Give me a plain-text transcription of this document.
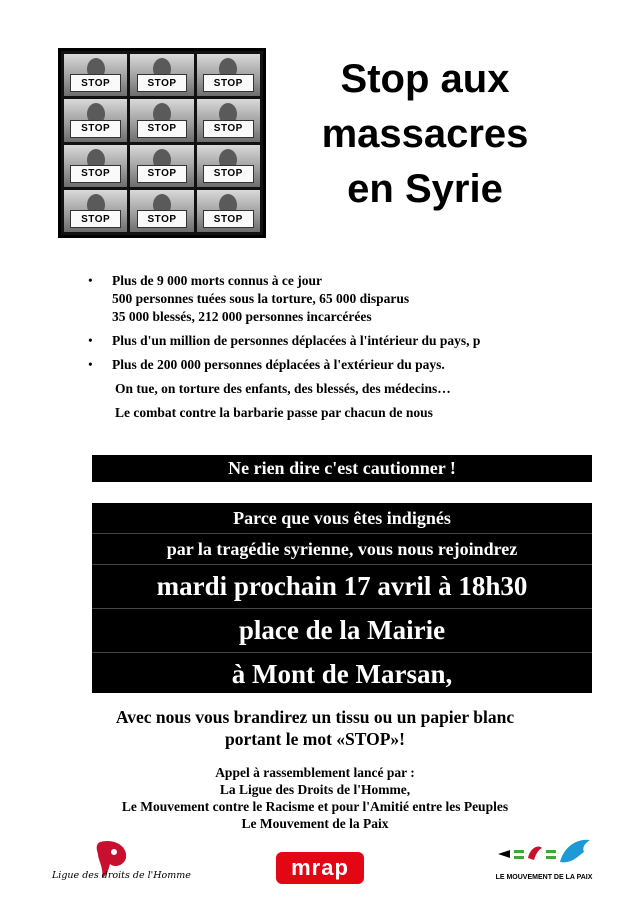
STOP	STOP	STOP
STOP	STOP	STOP
STOP	STOP	STOP
STOP	STOP	STOP
Stop aux
massacres
en Syrie
•	Plus de 9 000 morts connus à ce jour
500 personnes tuées sous la torture, 65 000 disparus
35 000 blessés, 212 000 personnes incarcérées
•	Plus d'un million de personnes déplacées à l'intérieur du pays, p
•	Plus de 200 000 personnes déplacées à l'extérieur du pays.
On tue, on torture des enfants, des blessés, des médecins…
Le combat contre la barbarie passe par chacun de nous
Ne rien dire c'est cautionner !
Parce que vous êtes indignés
par la tragédie syrienne, vous nous rejoindrez
mardi prochain 17 avril à 18h30
place de la Mairie
à Mont de Marsan,
Avec nous vous brandirez un tissu ou un papier blanc
portant le mot «STOP»!
Appel à rassemblement lancé par :
La Ligue des Droits de l'Homme,
Le Mouvement contre le Racisme et pour l'Amitié entre les Peuples
Le Mouvement de la Paix
Ligue des droits de l'Homme	mrap	LE MOUVEMENT DE LA PAIX
